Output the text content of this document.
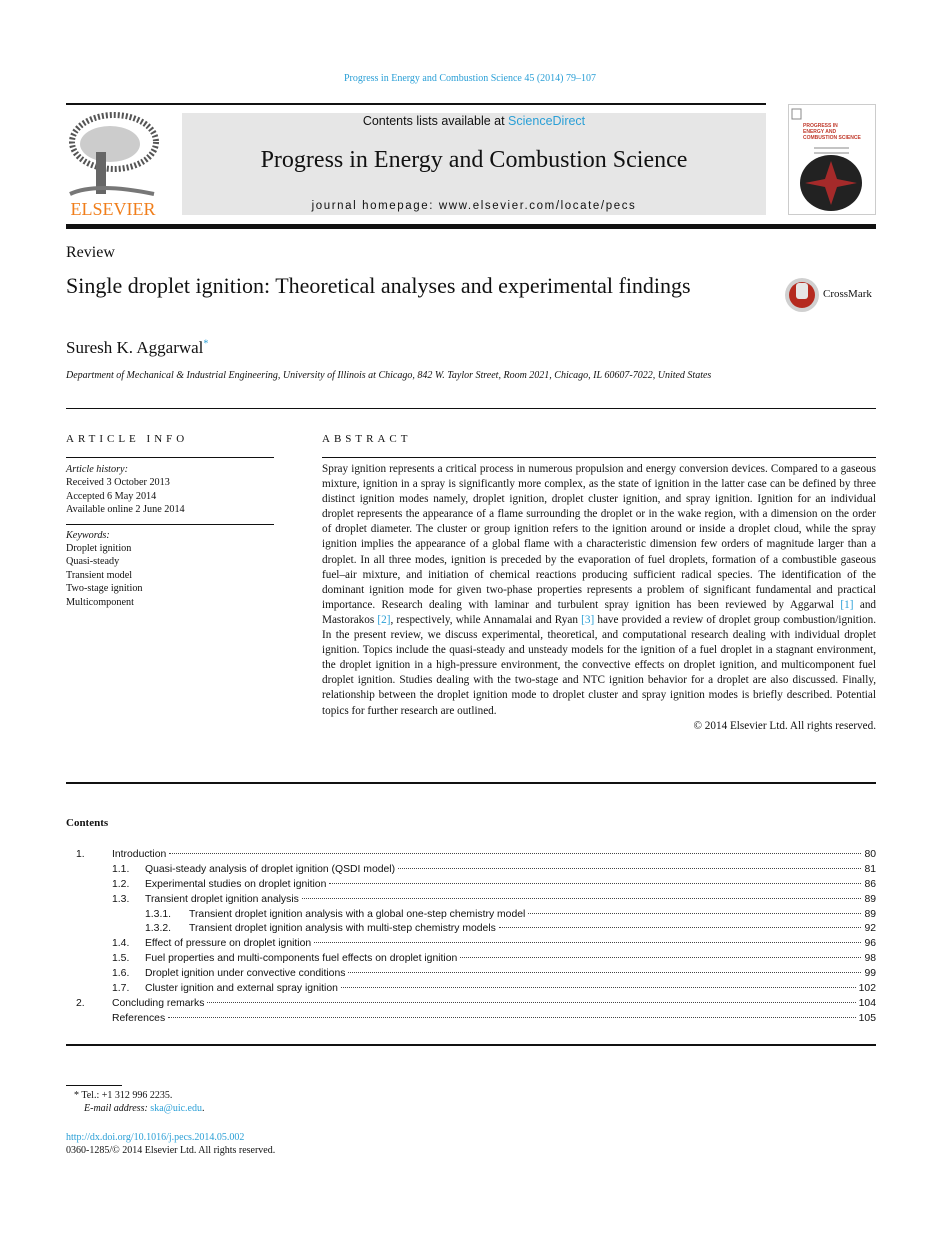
Progress in Energy and Combustion Science 45 (2014) 79–107
ELSEVIER
Contents lists available at ScienceDirect
Progress in Energy and Combustion Science
journal homepage: www.elsevier.com/locate/pecs
PROGRESS IN
ENERGY AND
COMBUSTION SCIENCE
Review
Single droplet ignition: Theoretical analyses and experimental findings	CrossMark
Suresh K. Aggarwal*
Department of Mechanical & Industrial Engineering, University of Illinois at Chicago, 842 W. Taylor Street, Room 2021, Chicago, IL 60607-7022, United States
ARTICLE INFO	ABSTRACT
Article history:
Received 3 October 2013
Accepted 6 May 2014
Available online 2 June 2014
Keywords:
Droplet ignition
Quasi-steady
Transient model
Two-stage ignition
Multicomponent
Spray ignition represents a critical process in numerous propulsion and energy conversion devices. Compared to a gaseous mixture, ignition in a spray is significantly more complex, as the state of ignition in the latter case can be defined by three distinct ignition modes namely, droplet ignition, droplet cluster ignition, and spray ignition. Ignition for an individual droplet represents the appearance of a flame surrounding the droplet or in the wake region, with a dimension on the order of droplet diameter. The cluster or group ignition refers to the ignition around or inside a droplet cloud, while the spray ignition implies the appearance of a global flame with a characteristic dimension few orders of magnitude larger than a droplet. In all three modes, ignition is preceded by the evaporation of fuel droplets, formation of a combustible gaseous fuel–air mixture, and initiation of chemical reactions producing sufficient radical species. The identification of the dominant ignition mode for given two-phase properties represents a problem of significant fundamental and practical importance. Research dealing with laminar and turbulent spray ignition has been reviewed by Aggarwal [1] and Mastorakos [2], respectively, while Annamalai and Ryan [3] have provided a review of droplet group combustion/ignition. In the present review, we discuss experimental, theoretical, and computational research dealing with individual droplet ignition. Topics include the quasi-steady and unsteady models for the ignition of a fuel droplet in a stagnant environment, the droplet ignition in a high-pressure environment, the convective effects on droplet ignition, and multicomponent fuel droplet ignition. Studies dealing with the two-stage and NTC ignition behavior for a droplet are also discussed. Finally, relationship between the droplet ignition mode to droplet cluster and spray ignition modes is briefly described. Potential topics for further research are outlined.
© 2014 Elsevier Ltd. All rights reserved.
Contents
1.	Introduction	80
1.1.	Quasi-steady analysis of droplet ignition (QSDI model)	81
1.2.	Experimental studies on droplet ignition	86
1.3.	Transient droplet ignition analysis	89
1.3.1.	Transient droplet ignition analysis with a global one-step chemistry model	89
1.3.2.	Transient droplet ignition analysis with multi-step chemistry models	92
1.4.	Effect of pressure on droplet ignition	96
1.5.	Fuel properties and multi-components fuel effects on droplet ignition	98
1.6.	Droplet ignition under convective conditions	99
1.7.	Cluster ignition and external spray ignition	102
2.	Concluding remarks	104
References	105
* Tel.: +1 312 996 2235.
E-mail address: ska@uic.edu.
http://dx.doi.org/10.1016/j.pecs.2014.05.002
0360-1285/© 2014 Elsevier Ltd. All rights reserved.
